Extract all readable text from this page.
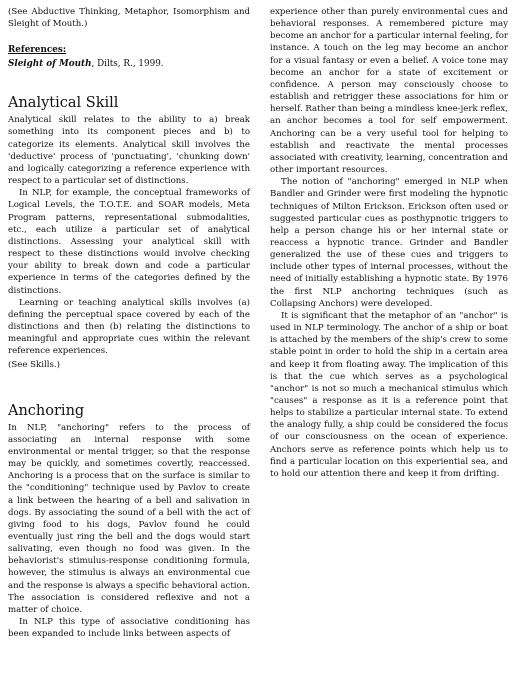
(See Abductive Thinking, Metaphor, Isomorphism and Sleight of Mouth.)

References:
Sleight of Mouth, Dilts, R., 1999.
Analytical Skill

Analytical skill relates to the ability to a) break something into its component pieces and b) to categorize its elements. Analytical skill involves the 'deductive' process of 'punctuating', 'chunking down' and logically categorizing a reference experience with respect to a particular set of distinctions.

In NLP, for example, the conceptual frameworks of Logical Levels, the T.O.T.E. and SOAR models, Meta Program patterns, representational submodalities, etc., each utilize a particular set of analytical distinctions. Assessing your analytical skill with respect to these distinctions would involve checking your ability to break down and code a particular experience in terms of the categories defined by the distinctions.

Learning or teaching analytical skills involves (a) defining the perceptual space covered by each of the distinctions and then (b) relating the distinctions to meaningful and appropriate cues within the relevant reference experiences.

(See Skills.)

Anchoring

In NLP, "anchoring" refers to the process of associating an internal response with some environmental or mental trigger, so that the response may be quickly, and sometimes covertly, reaccessed. Anchoring is a process that on the surface is similar to the "conditioning" technique used by Pavlov to create a link between the hearing of a bell and salivation in dogs. By associating the sound of a bell with the act of giving food to his dogs, Pavlov found he could eventually just ring the bell and the dogs would start salivating, even though no food was given. In the behaviorist's stimulus-response conditioning formula, however, the stimulus is always an environmental cue and the response is always a specific behavioral action. The association is considered reflexive and not a matter of choice.

In NLP this type of associative conditioning has been expanded to include links between aspects of

experience other than purely environmental cues and behavioral responses. A remembered picture may become an anchor for a particular internal feeling, for instance. A touch on the leg may become an anchor for a visual fantasy or even a belief. A voice tone may become an anchor for a state of excitement or confidence. A person may consciously choose to establish and retrigger these associations for him or herself. Rather than being a mindless knee-jerk reflex, an anchor becomes a tool for self empowerment. Anchoring can be a very useful tool for helping to establish and reactivate the mental processes associated with creativity, learning, concentration and other important resources.

The notion of "anchoring" emerged in NLP when Bandler and Grinder were first modeling the hypnotic techniques of Milton Erickson. Erickson often used or suggested particular cues as posthypnotic triggers to help a person change his or her internal state or reaccess a hypnotic trance. Grinder and Bandler generalized the use of these cues and triggers to include other types of internal processes, without the need of initially establishing a hypnotic state. By 1976 the first NLP anchoring techniques (such as Collapsing Anchors) were developed.

It is significant that the metaphor of an "anchor" is used in NLP terminology. The anchor of a ship or boat is attached by the members of the ship's crew to some stable point in order to hold the ship in a certain area and keep it from floating away. The implication of this is that the cue which serves as a psychological "anchor" is not so much a mechanical stimulus which "causes" a response as it is a reference point that helps to stabilize a particular internal state. To extend the analogy fully, a ship could be considered the focus of our consciousness on the ocean of experience. Anchors serve as reference points which help us to find a particular location on this experiential sea, and to hold our attention there and keep it from drifting.
